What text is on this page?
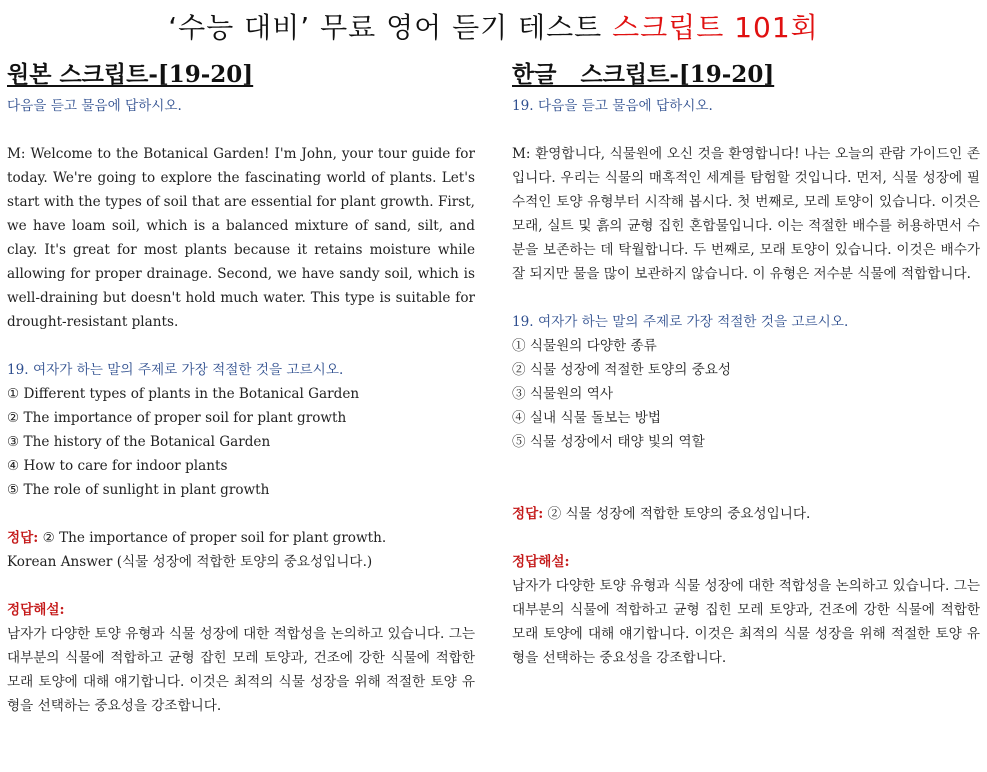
‘수능 대비’ 무료 영어 듣기 테스트 스크립트 101회
원본 스크립트-[19-20]

다음을 듣고 물음에 답하시오.

M: Welcome to the Botanical Garden! I'm John, your tour guide for today. We're going to explore the fascinating world of plants. Let's start with the types of soil that are essential for plant growth. First, we have loam soil, which is a balanced mixture of sand, silt, and clay. It's great for most plants because it retains moisture while allowing for proper drainage. Second, we have sandy soil, which is well-draining but doesn't hold much water. This type is suitable for drought-resistant plants.

19. 여자가 하는 말의 주제로 가장 적절한 것을 고르시오.

① Different types of plants in the Botanical Garden
② The importance of proper soil for plant growth
③ The history of the Botanical Garden
④ How to care for indoor plants
⑤ The role of sunlight in plant growth

정답: ② The importance of proper soil for plant growth.

Korean Answer (식물 성장에 적합한 토양의 중요성입니다.)

정답해설:

남자가 다양한 토양 유형과 식물 성장에 대한 적합성을 논의하고 있습니다. 그는 대부분의 식물에 적합하고 균형 잡힌 모레 토양과, 건조에 강한 식물에 적합한 모래 토양에 대해 얘기합니다. 이것은 최적의 식물 성장을 위해 적절한 토양 유형을 선택하는 중요성을 강조합니다.

한글   스크립트-[19-20]

19. 다음을 듣고 물음에 답하시오.

M: 환영합니다, 식물원에 오신 것을 환영합니다! 나는 오늘의 관람 가이드인 존입니다. 우리는 식물의 매혹적인 세계를 탐험할 것입니다. 먼저, 식물 성장에 필수적인 토양 유형부터 시작해 봅시다. 첫 번째로, 모레 토양이 있습니다. 이것은 모래, 실트 및 흙의 균형 집힌 혼합물입니다. 이는 적절한 배수를 허용하면서 수분을 보존하는 데 탁월합니다. 두 번째로, 모래 토양이 있습니다. 이것은 배수가 잘 되지만 물을 많이 보관하지 않습니다. 이 유형은 저수분 식물에 적합합니다.

19. 여자가 하는 말의 주제로 가장 적절한 것을 고르시오.

① 식물원의 다양한 종류
② 식물 성장에 적절한 토양의 중요성
③ 식물원의 역사
④ 실내 식물 돌보는 방법
⑤ 식물 성장에서 태양 빛의 역할

정답: ② 식물 성장에 적합한 토양의 중요성입니다.

정답해설:

남자가 다양한 토양 유형과 식물 성장에 대한 적합성을 논의하고 있습니다. 그는 대부분의 식물에 적합하고 균형 집힌 모레 토양과, 건조에 강한 식물에 적합한 모래 토양에 대해 얘기합니다. 이것은 최적의 식물 성장을 위해 적절한 토양 유형을 선택하는 중요성을 강조합니다.
